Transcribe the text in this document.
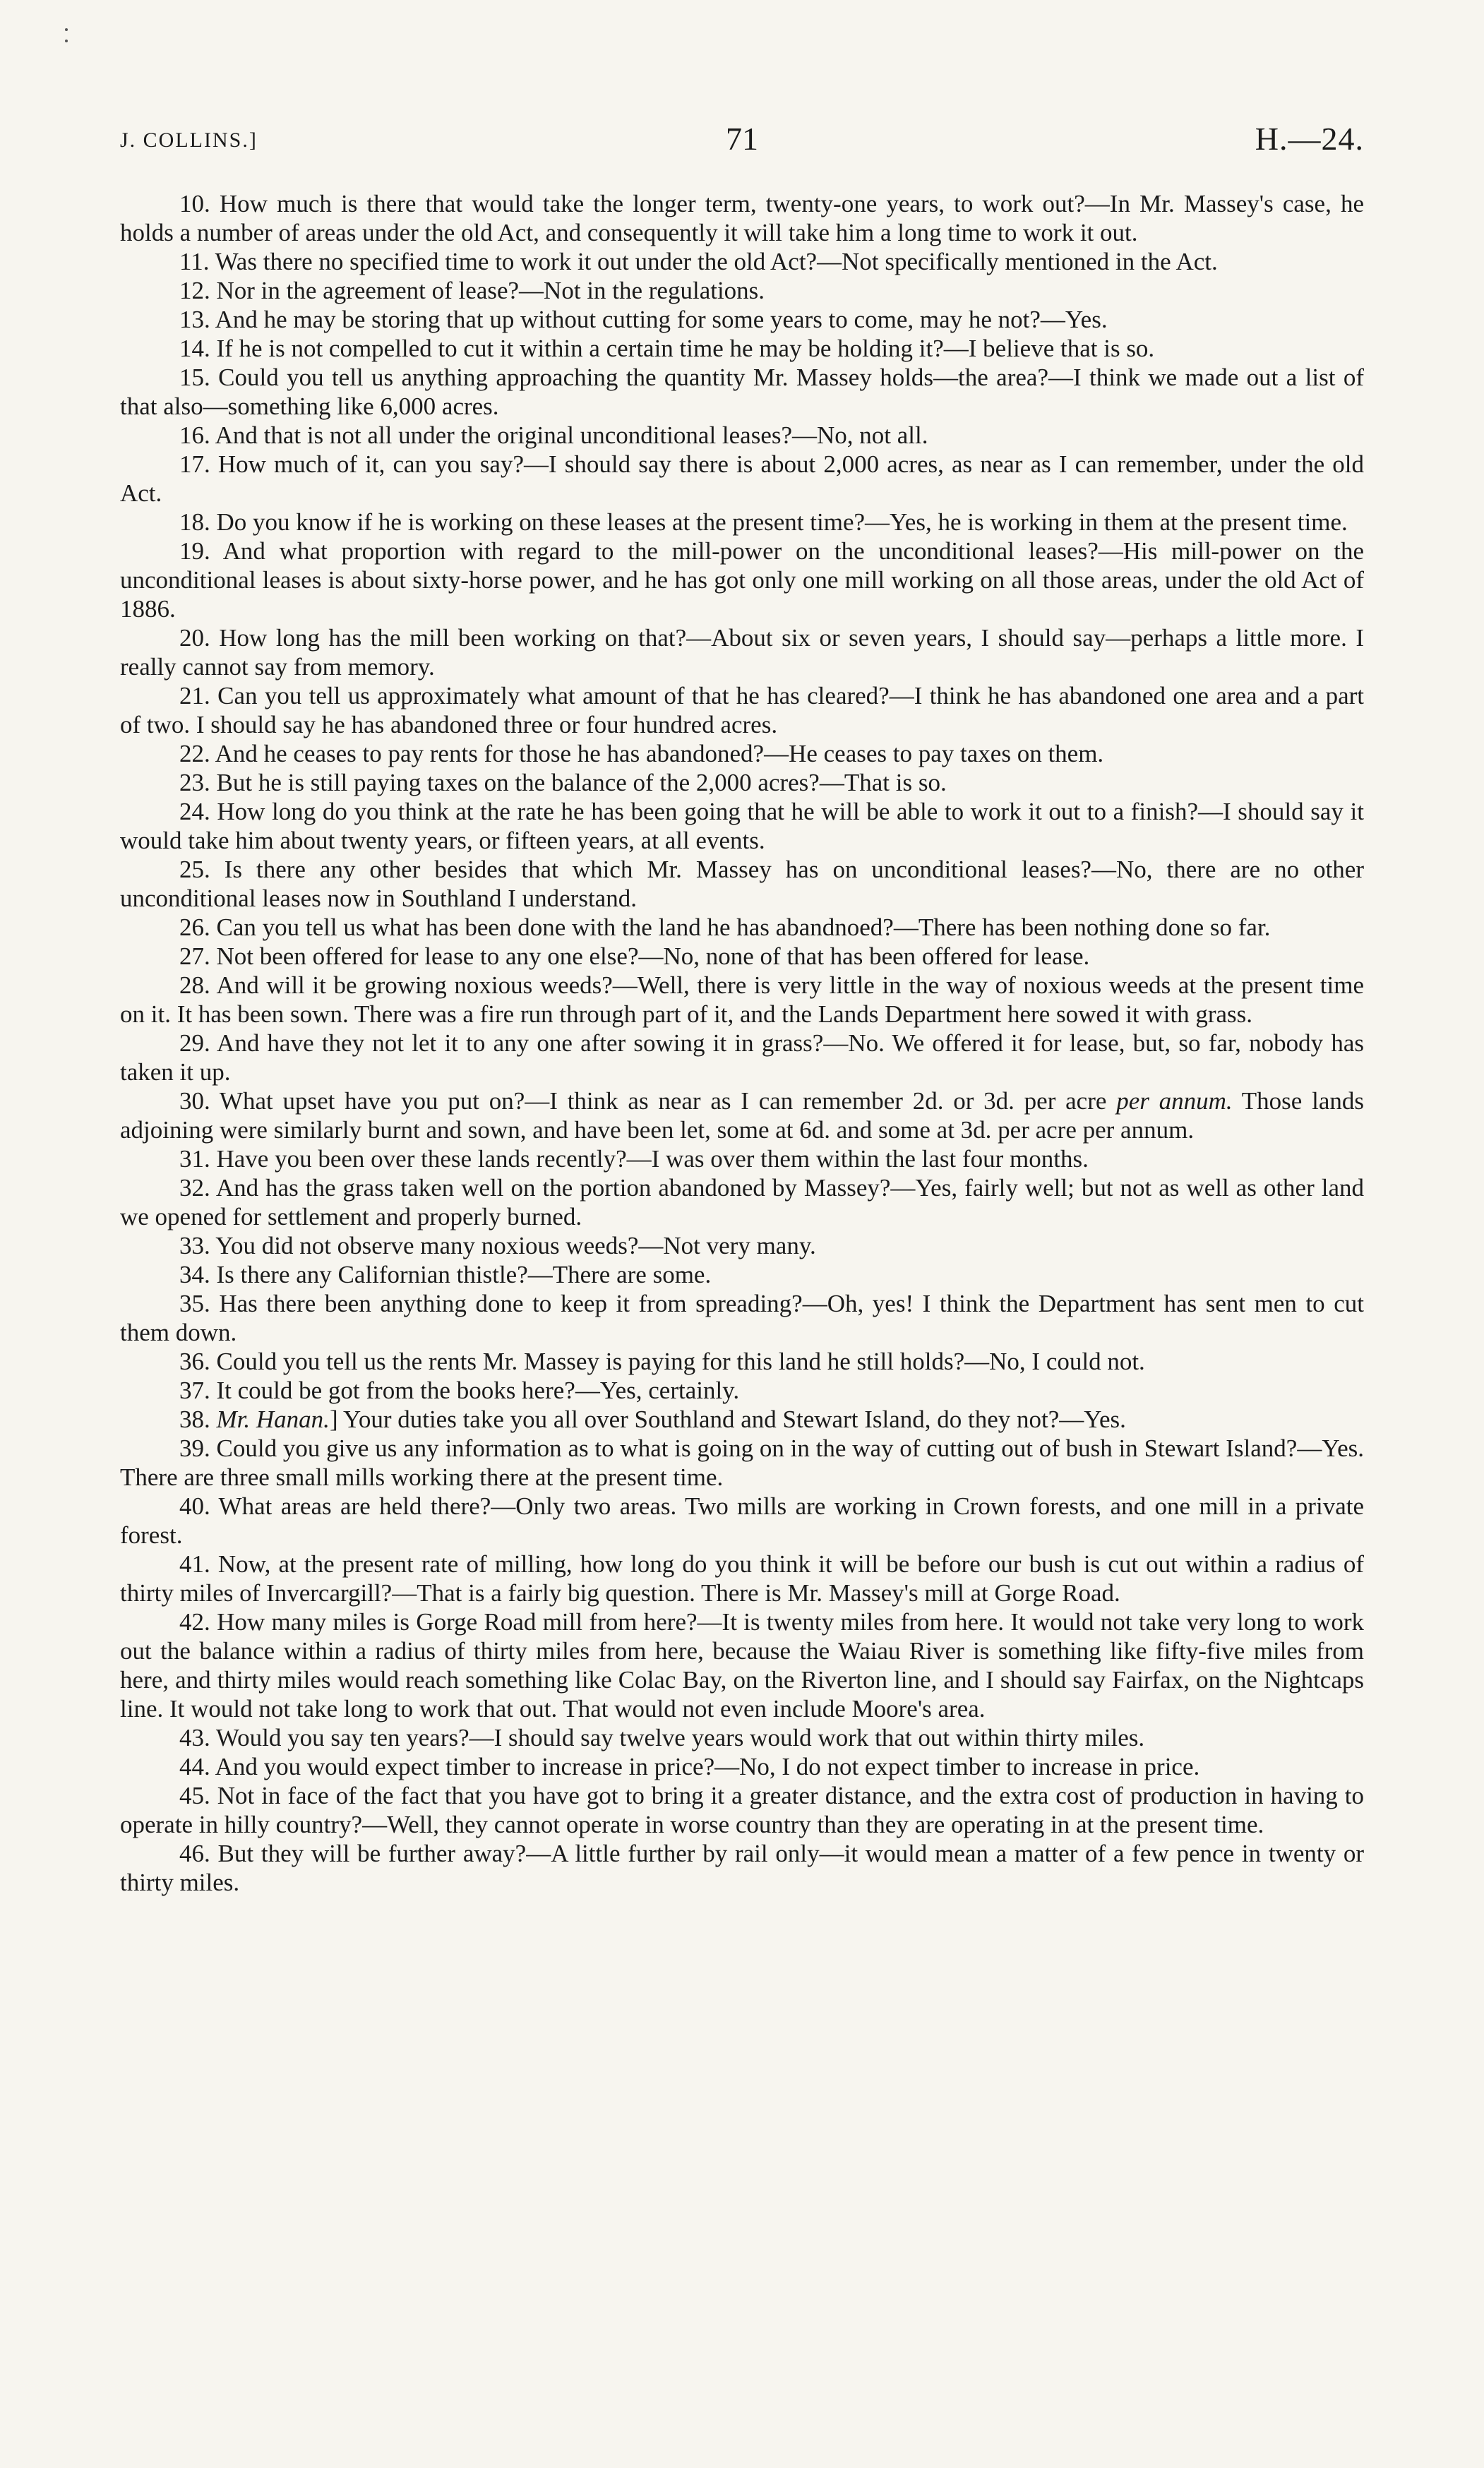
J. COLLINS.]	71	H.—24.

10. How much is there that would take the longer term, twenty-one years, to work out?—In Mr. Massey's case, he holds a number of areas under the old Act, and consequently it will take him a long time to work it out.

11. Was there no specified time to work it out under the old Act?—Not specifically mentioned in the Act.

12. Nor in the agreement of lease?—Not in the regulations.

13. And he may be storing that up without cutting for some years to come, may he not?—Yes.

14. If he is not compelled to cut it within a certain time he may be holding it?—I believe that is so.

15. Could you tell us anything approaching the quantity Mr. Massey holds—the area?—I think we made out a list of that also—something like 6,000 acres.

16. And that is not all under the original unconditional leases?—No, not all.

17. How much of it, can you say?—I should say there is about 2,000 acres, as near as I can remember, under the old Act.

18. Do you know if he is working on these leases at the present time?—Yes, he is working in them at the present time.

19. And what proportion with regard to the mill-power on the unconditional leases?—His mill-power on the unconditional leases is about sixty-horse power, and he has got only one mill working on all those areas, under the old Act of 1886.

20. How long has the mill been working on that?—About six or seven years, I should say—perhaps a little more. I really cannot say from memory.

21. Can you tell us approximately what amount of that he has cleared?—I think he has abandoned one area and a part of two. I should say he has abandoned three or four hundred acres.

22. And he ceases to pay rents for those he has abandoned?—He ceases to pay taxes on them.

23. But he is still paying taxes on the balance of the 2,000 acres?—That is so.

24. How long do you think at the rate he has been going that he will be able to work it out to a finish?—I should say it would take him about twenty years, or fifteen years, at all events.

25. Is there any other besides that which Mr. Massey has on unconditional leases?—No, there are no other unconditional leases now in Southland I understand.

26. Can you tell us what has been done with the land he has abandnoed?—There has been nothing done so far.

27. Not been offered for lease to any one else?—No, none of that has been offered for lease.

28. And will it be growing noxious weeds?—Well, there is very little in the way of noxious weeds at the present time on it. It has been sown. There was a fire run through part of it, and the Lands Department here sowed it with grass.

29. And have they not let it to any one after sowing it in grass?—No. We offered it for lease, but, so far, nobody has taken it up.

30. What upset have you put on?—I think as near as I can remember 2d. or 3d. per acre per annum. Those lands adjoining were similarly burnt and sown, and have been let, some at 6d. and some at 3d. per acre per annum.

31. Have you been over these lands recently?—I was over them within the last four months.

32. And has the grass taken well on the portion abandoned by Massey?—Yes, fairly well; but not as well as other land we opened for settlement and properly burned.

33. You did not observe many noxious weeds?—Not very many.

34. Is there any Californian thistle?—There are some.

35. Has there been anything done to keep it from spreading?—Oh, yes! I think the Department has sent men to cut them down.

36. Could you tell us the rents Mr. Massey is paying for this land he still holds?—No, I could not.

37. It could be got from the books here?—Yes, certainly.

38. Mr. Hanan.] Your duties take you all over Southland and Stewart Island, do they not?—Yes.

39. Could you give us any information as to what is going on in the way of cutting out of bush in Stewart Island?—Yes. There are three small mills working there at the present time.

40. What areas are held there?—Only two areas. Two mills are working in Crown forests, and one mill in a private forest.

41. Now, at the present rate of milling, how long do you think it will be before our bush is cut out within a radius of thirty miles of Invercargill?—That is a fairly big question. There is Mr. Massey's mill at Gorge Road.

42. How many miles is Gorge Road mill from here?—It is twenty miles from here. It would not take very long to work out the balance within a radius of thirty miles from here, because the Waiau River is something like fifty-five miles from here, and thirty miles would reach something like Colac Bay, on the Riverton line, and I should say Fairfax, on the Nightcaps line. It would not take long to work that out. That would not even include Moore's area.

43. Would you say ten years?—I should say twelve years would work that out within thirty miles.

44. And you would expect timber to increase in price?—No, I do not expect timber to increase in price.

45. Not in face of the fact that you have got to bring it a greater distance, and the extra cost of production in having to operate in hilly country?—Well, they cannot operate in worse country than they are operating in at the present time.

46. But they will be further away?—A little further by rail only—it would mean a matter of a few pence in twenty or thirty miles.
